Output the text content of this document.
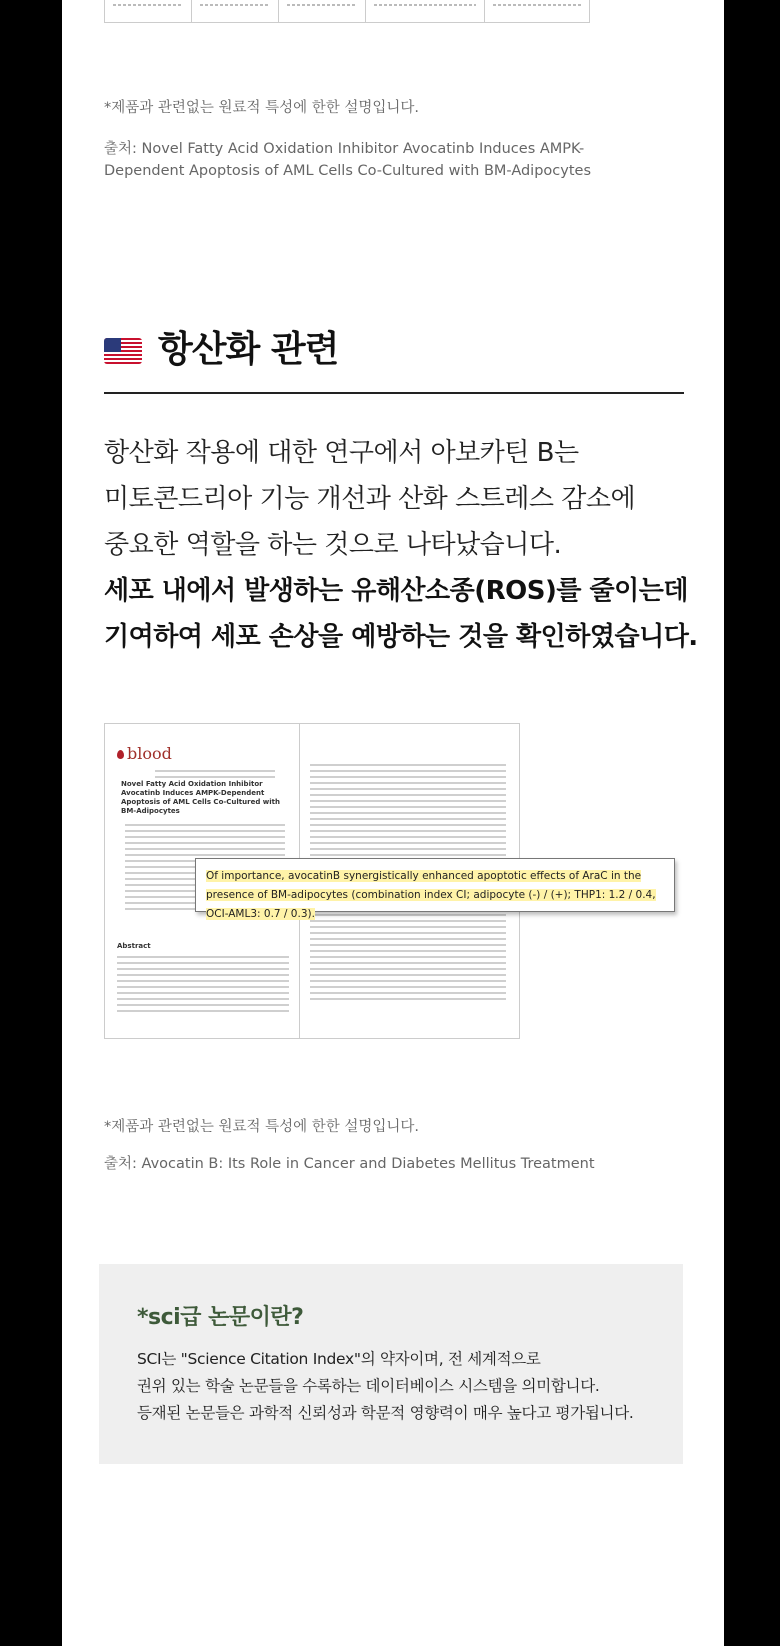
*제품과 관련없는 원료적 특성에 한한 설명입니다.
출처: Novel Fatty Acid Oxidation Inhibitor Avocatinb Induces AMPK-Dependent Apoptosis of AML Cells Co-Cultured with BM-Adipocytes
항산화 관련

항산화 작용에 대한 연구에서 아보카틴 B는

미토콘드리아 기능 개선과 산화 스트레스 감소에

중요한 역할을 하는 것으로 나타났습니다.

세포 내에서 발생하는 유해산소종(ROS)를 줄이는데

기여하여 세포 손상을 예방하는 것을 확인하였습니다.

blood
Novel Fatty Acid Oxidation Inhibitor Avocatinb Induces AMPK-Dependent Apoptosis of AML Cells Co-Cultured with BM-Adipocytes
Abstract
Of importance, avocatinB synergistically enhanced apoptotic effects of AraC in the presence of BM-adipocytes (combination index CI; adipocyte (-) / (+); THP1: 1.2 / 0.4, OCI-AML3: 0.7 / 0.3).
*제품과 관련없는 원료적 특성에 한한 설명입니다.
출처: Avocatin B: Its Role in Cancer and Diabetes Mellitus Treatment
*sci급 논문이란?

SCI는 "Science Citation Index"의 약자이며, 전 세계적으로

권위 있는 학술 논문들을 수록하는 데이터베이스 시스템을 의미합니다.

등재된 논문들은 과학적 신뢰성과 학문적 영향력이 매우 높다고 평가됩니다.
